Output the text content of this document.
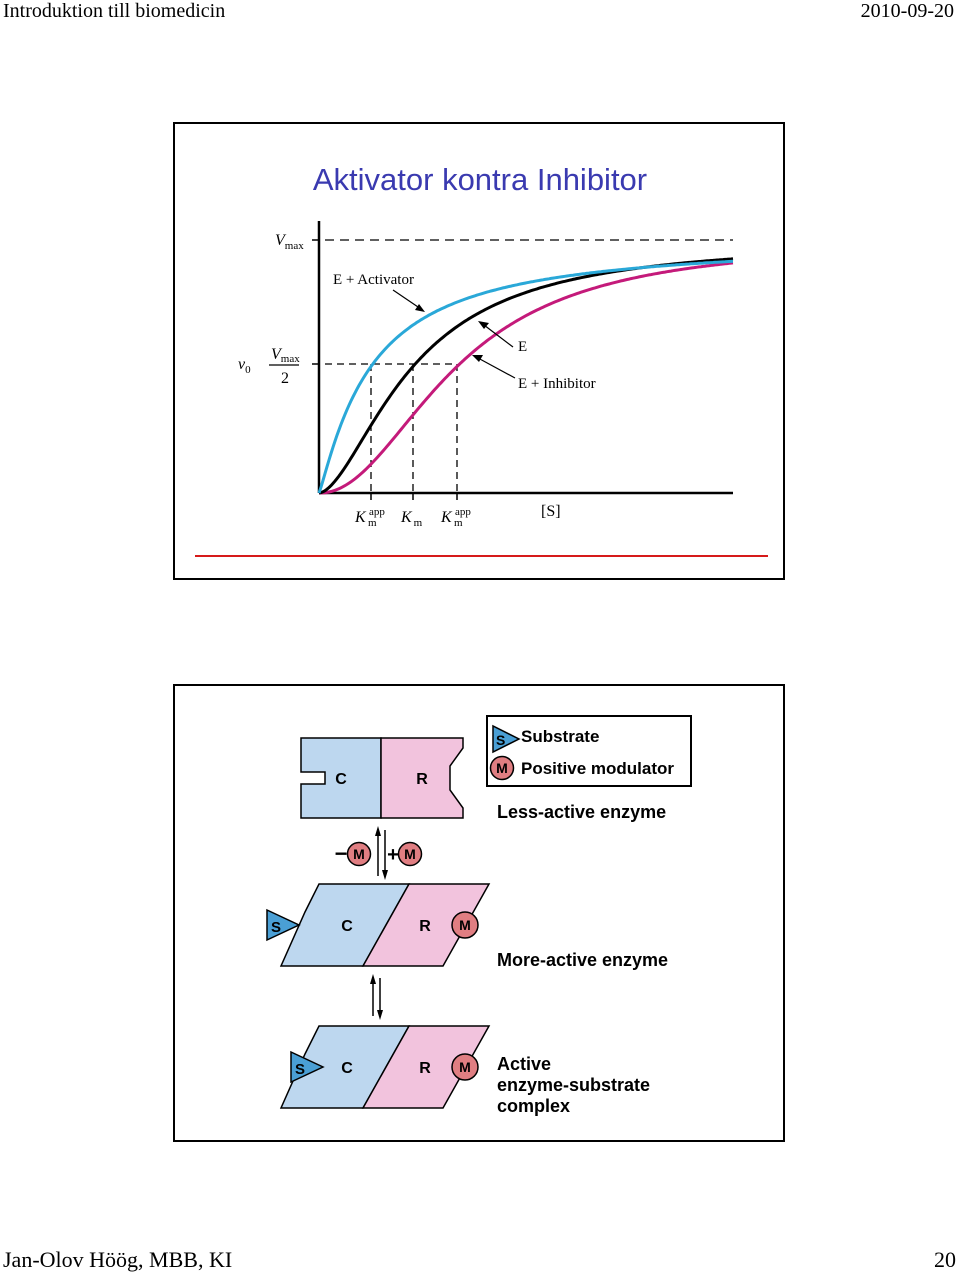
Introduktion till biomedicin	2010-09-20
Aktivator kontra Inhibitor
$V_{max}$
$v_0$
Vmax
2
E + Activator
E
E + Inhibitor
K app
m K $_m$ K app
m
[S]
S Substrate
M Positive modulator
C	R
Less-active enzyme
− M + M
S	C	R M
More-active enzyme
S C	R M Active
enzyme-substrate
complex
Jan-Olov Höög, MBB, KI	20
